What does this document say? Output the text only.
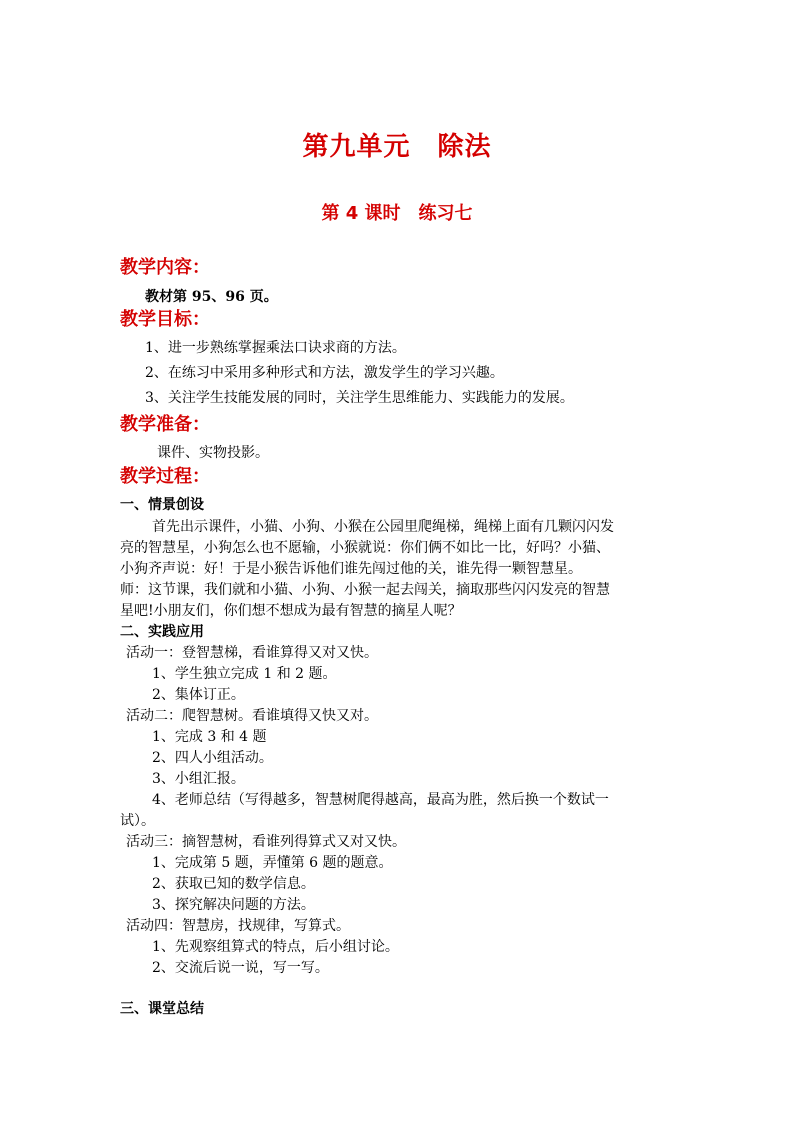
第九单元　除法
第 4 课时　练习七
教学内容：
教材第 95、96 页。
教学目标：
1、进一步熟练掌握乘法口诀求商的方法。
2、在练习中采用多种形式和方法，激发学生的学习兴趣。
3、关注学生技能发展的同时，关注学生思维能力、实践能力的发展。
教学准备：
课件、实物投影。
教学过程：
一、情景创设
首先出示课件，小猫、小狗、小猴在公园里爬绳梯，绳梯上面有几颗闪闪发
亮的智慧星，小狗怎么也不愿输，小猴就说：你们俩不如比一比，好吗？小猫、
小狗齐声说：好！于是小猴告诉他们谁先闯过他的关，谁先得一颗智慧星。
师：这节课，我们就和小猫、小狗、小猴一起去闯关，摘取那些闪闪发亮的智慧
星吧!小朋友们，你们想不想成为最有智慧的摘星人呢？
二、实践应用
活动一：登智慧梯，看谁算得又对又快。
1、学生独立完成 1 和 2 题。
2、集体订正。
活动二：爬智慧树。看谁填得又快又对。
1、完成 3 和 4 题
2、四人小组活动。
3、小组汇报。
4、老师总结（写得越多，智慧树爬得越高，最高为胜，然后换一个数试一
试）。
活动三：摘智慧树，看谁列得算式又对又快。
1、完成第 5 题，弄懂第 6 题的题意。
2、获取已知的数学信息。
3、探究解决问题的方法。
活动四：智慧房，找规律，写算式。
1、先观察组算式的特点，后小组讨论。
2、交流后说一说，写一写。
三、课堂总结
